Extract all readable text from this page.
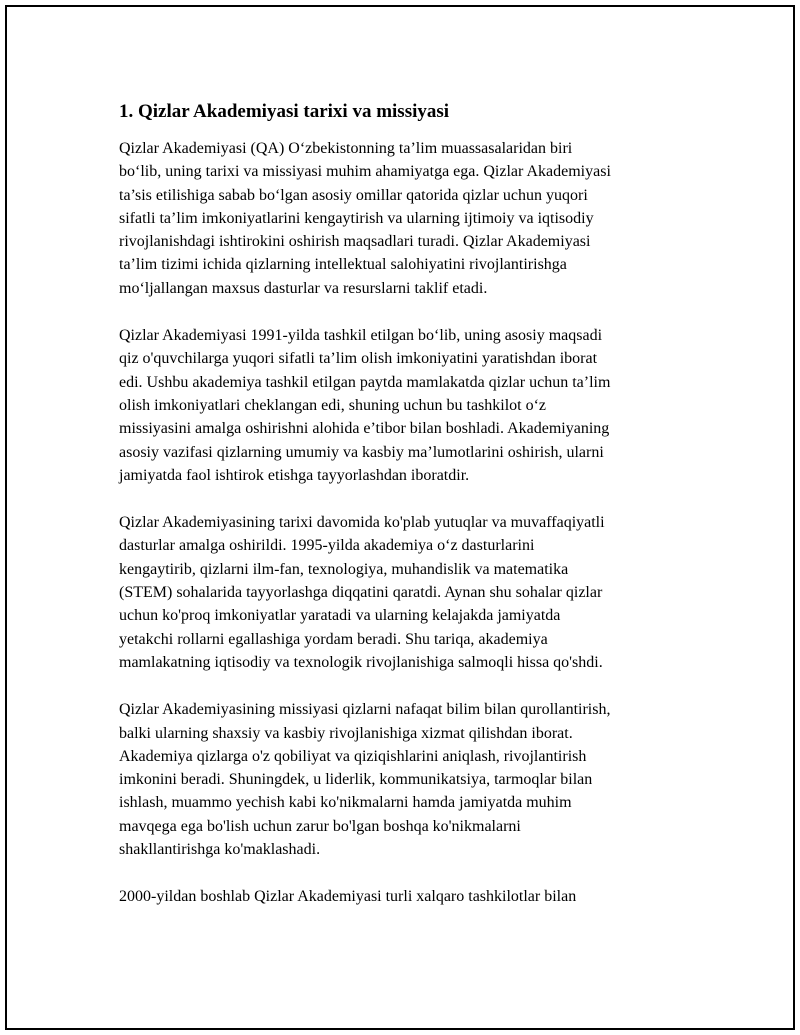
1. Qizlar Akademiyasi tarixi va missiyasi

Qizlar Akademiyasi (QA) O‘zbekistonning ta’lim muassasalaridan biri
bo‘lib, uning tarixi va missiyasi muhim ahamiyatga ega. Qizlar Akademiyasi
ta’sis etilishiga sabab bo‘lgan asosiy omillar qatorida qizlar uchun yuqori
sifatli ta’lim imkoniyatlarini kengaytirish va ularning ijtimoiy va iqtisodiy
rivojlanishdagi ishtirokini oshirish maqsadlari turadi. Qizlar Akademiyasi
ta’lim tizimi ichida qizlarning intellektual salohiyatini rivojlantirishga
mo‘ljallangan maxsus dasturlar va resurslarni taklif etadi.

Qizlar Akademiyasi 1991-yilda tashkil etilgan bo‘lib, uning asosiy maqsadi
qiz o'quvchilarga yuqori sifatli ta’lim olish imkoniyatini yaratishdan iborat
edi. Ushbu akademiya tashkil etilgan paytda mamlakatda qizlar uchun ta’lim
olish imkoniyatlari cheklangan edi, shuning uchun bu tashkilot o‘z
missiyasini amalga oshirishni alohida e’tibor bilan boshladi. Akademiyaning
asosiy vazifasi qizlarning umumiy va kasbiy ma’lumotlarini oshirish, ularni
jamiyatda faol ishtirok etishga tayyorlashdan iboratdir.

Qizlar Akademiyasining tarixi davomida ko'plab yutuqlar va muvaffaqiyatli
dasturlar amalga oshirildi. 1995-yilda akademiya o‘z dasturlarini
kengaytirib, qizlarni ilm-fan, texnologiya, muhandislik va matematika
(STEM) sohalarida tayyorlashga diqqatini qaratdi. Aynan shu sohalar qizlar
uchun ko'proq imkoniyatlar yaratadi va ularning kelajakda jamiyatda
yetakchi rollarni egallashiga yordam beradi. Shu tariqa, akademiya
mamlakatning iqtisodiy va texnologik rivojlanishiga salmoqli hissa qo'shdi.

Qizlar Akademiyasining missiyasi qizlarni nafaqat bilim bilan qurollantirish,
balki ularning shaxsiy va kasbiy rivojlanishiga xizmat qilishdan iborat.
Akademiya qizlarga o'z qobiliyat va qiziqishlarini aniqlash, rivojlantirish
imkonini beradi. Shuningdek, u liderlik, kommunikatsiya, tarmoqlar bilan
ishlash, muammo yechish kabi ko'nikmalarni hamda jamiyatda muhim
mavqega ega bo'lish uchun zarur bo'lgan boshqa ko'nikmalarni
shakllantirishga ko'maklashadi.

2000-yildan boshlab Qizlar Akademiyasi turli xalqaro tashkilotlar bilan
